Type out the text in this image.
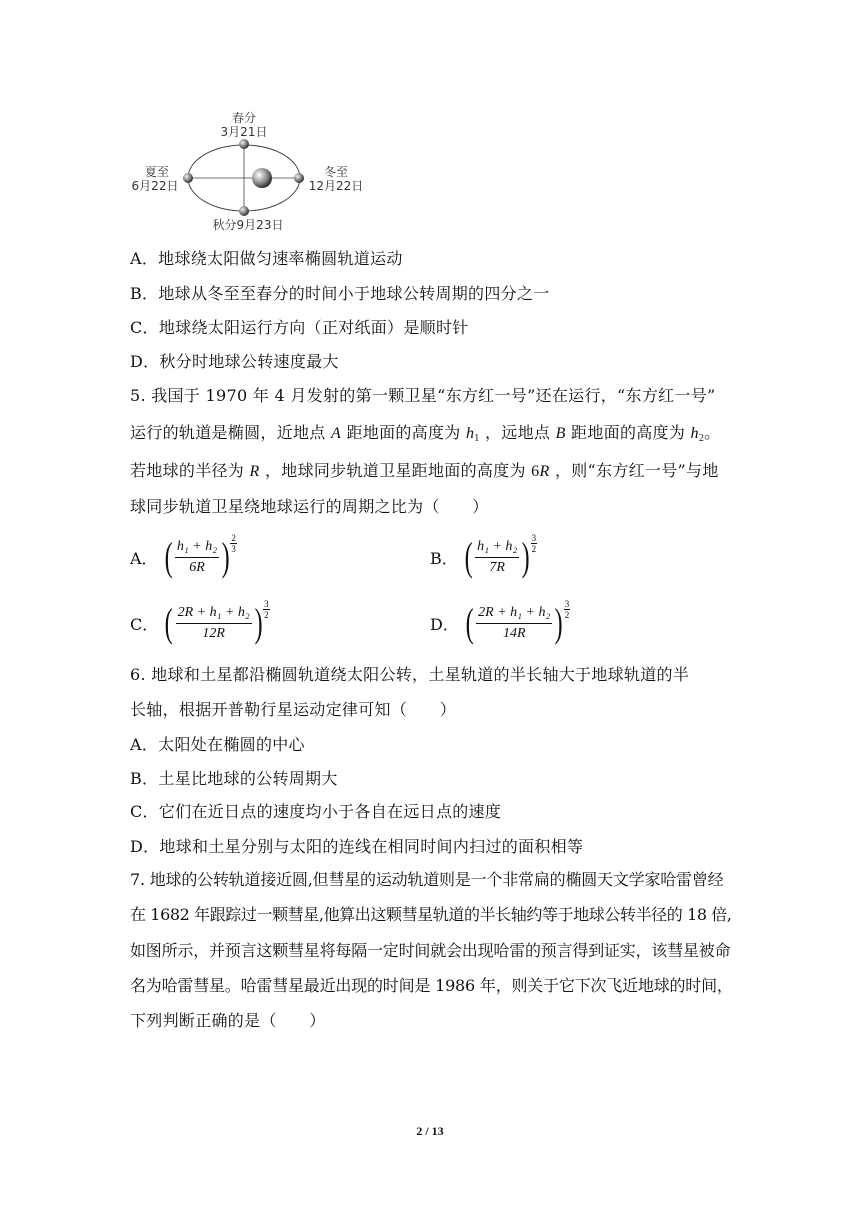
春分
3月21日
夏至
6月22日
冬至
12月22日
秋分9月23日
A．地球绕太阳做匀速率椭圆轨道运动
B．地球从冬至至春分的时间小于地球公转周期的四分之一
C．地球绕太阳运行方向（正对纸面）是顺时针
D．秋分时地球公转速度最大
5. 我国于 1970 年 4 月发射的第一颗卫星“东方红一号”还在运行，“东方红一号”
运行的轨道是椭圆，近地点 A 距地面的高度为 $h_1$ ，远地点 B 距地面的高度为 $h_2$。
若地球的半径为 R ，地球同步轨道卫星距地面的高度为 6R ，则“东方红一号”与地
球同步轨道卫星绕地球运行的周期之比为（　　）
A． ( $\frac{\text{h₁ + h₂}}{6R}$ ) 2
3	B． ( $\frac{\text{h₁ + h₂}}{7R}$ ) 3
2
C． ( $\frac{\text{2R + h₁ + h₂}}{12R}$ ) 3
2	D． ( $\frac{\text{2R + h₁ + h₂}}{14R}$ ) 3
2
6. 地球和土星都沿椭圆轨道绕太阳公转，土星轨道的半长轴大于地球轨道的半
长轴，根据开普勒行星运动定律可知（　　）
A．太阳处在椭圆的中心
B．土星比地球的公转周期大
C．它们在近日点的速度均小于各自在远日点的速度
D．地球和土星分别与太阳的连线在相同时间内扫过的面积相等
7. 地球的公转轨道接近圆,但彗星的运动轨道则是一个非常扁的椭圆天文学家哈雷曾经
在 1682 年跟踪过一颗彗星,他算出这颗彗星轨道的半长轴约等于地球公转半径的 18 倍,
如图所示，并预言这颗彗星将每隔一定时间就会出现哈雷的预言得到证实，该彗星被命
名为哈雷彗星。哈雷彗星最近出现的时间是 1986 年，则关于它下次飞近地球的时间，
下列判断正确的是（　　）
2 / 13
